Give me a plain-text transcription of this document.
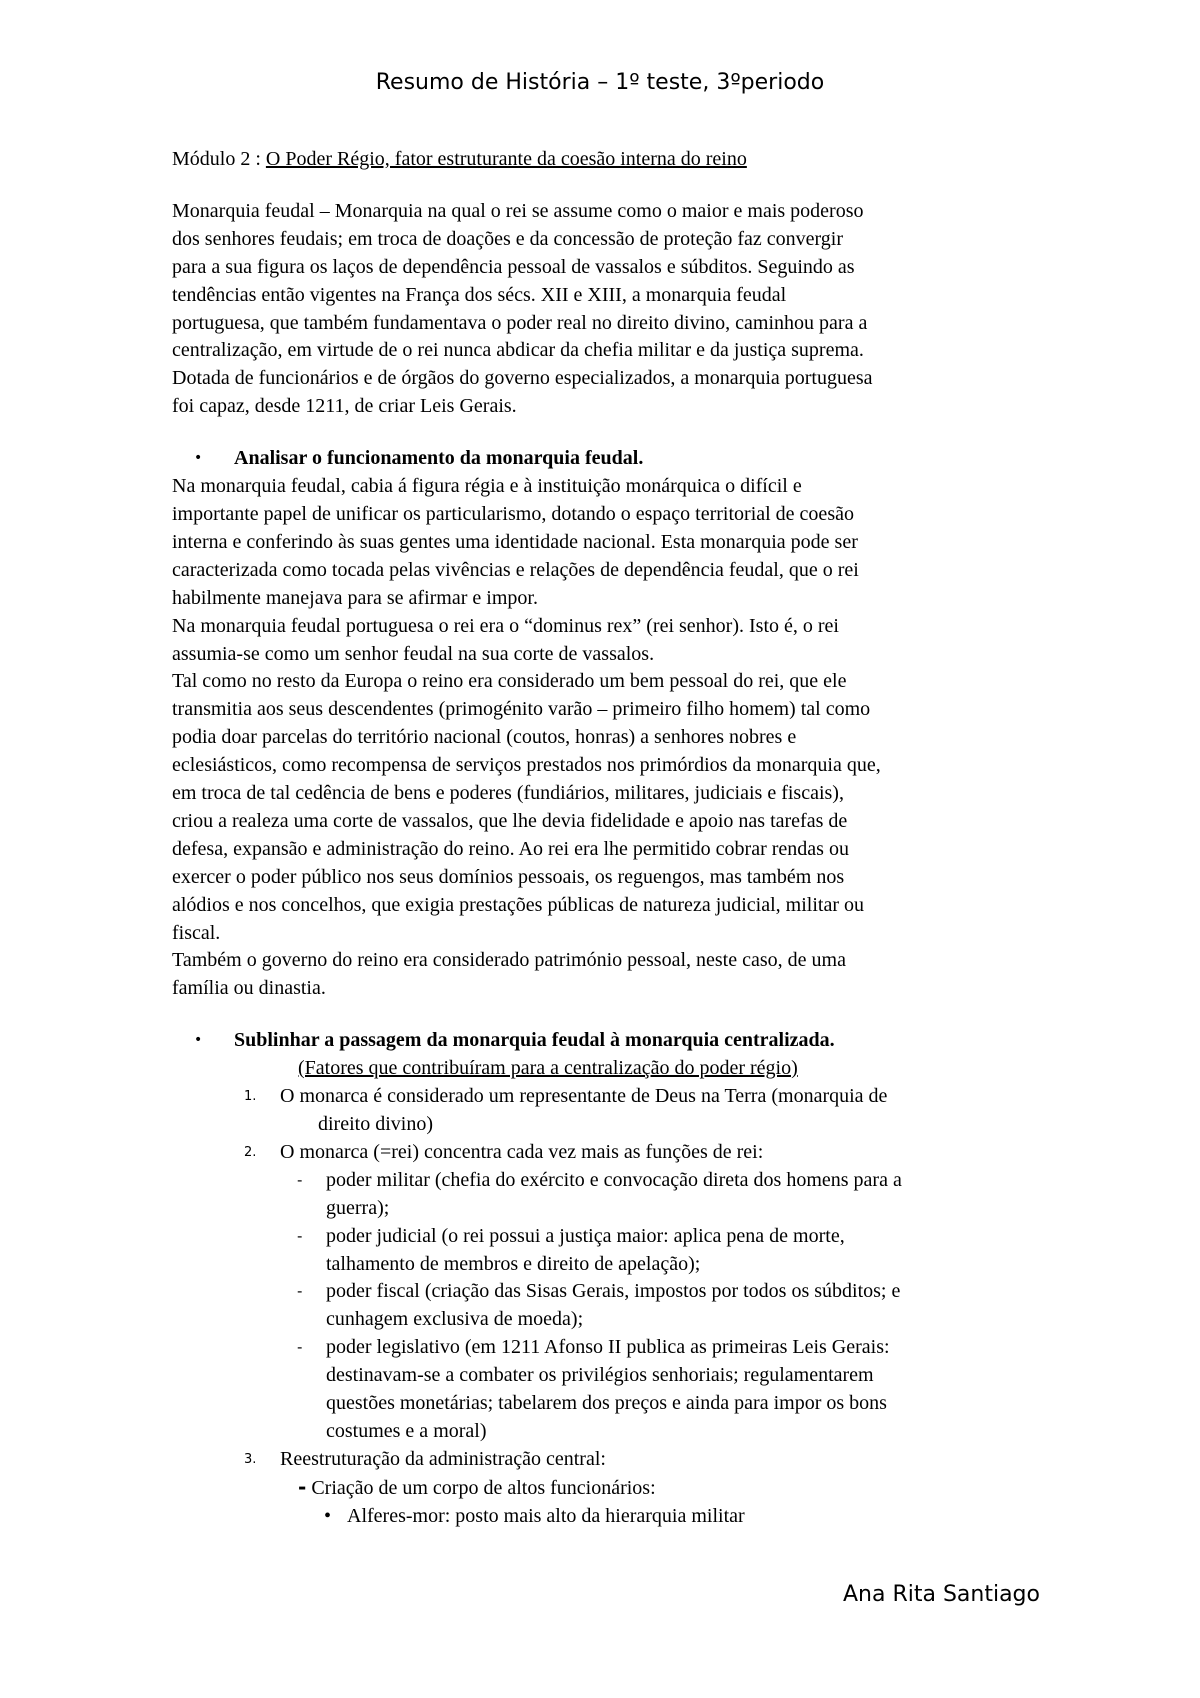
Resumo de História – 1º teste, 3ºperiodo

Módulo 2 : O Poder Régio, fator estruturante da coesão interna do reino

Monarquia feudal – Monarquia na qual o rei se assume como o maior e mais poderoso

dos senhores feudais; em troca de doações e da concessão de proteção faz convergir

para a sua figura os laços de dependência pessoal de vassalos e súbditos. Seguindo as

tendências então vigentes na França dos sécs. XII e XIII, a monarquia feudal

portuguesa, que também fundamentava o poder real no direito divino, caminhou para a

centralização, em virtude de o rei nunca abdicar da chefia militar e da justiça suprema.

Dotada de funcionários e de órgãos do governo especializados, a monarquia portuguesa

foi capaz, desde 1211, de criar Leis Gerais.

• Analisar o funcionamento da monarquia feudal.

Na monarquia feudal, cabia á figura régia e à instituição monárquica o difícil e

importante papel de unificar os particularismo, dotando o espaço territorial de coesão

interna e conferindo às suas gentes uma identidade nacional. Esta monarquia pode ser

caracterizada como tocada pelas vivências e relações de dependência feudal, que o rei

habilmente manejava para se afirmar e impor.

Na monarquia feudal portuguesa o rei era o “dominus rex” (rei senhor). Isto é, o rei

assumia-se como um senhor feudal na sua corte de vassalos.

Tal como no resto da Europa o reino era considerado um bem pessoal do rei, que ele

transmitia aos seus descendentes (primogénito varão – primeiro filho homem) tal como

podia doar parcelas do território nacional (coutos, honras) a senhores nobres e

eclesiásticos, como recompensa de serviços prestados nos primórdios da monarquia que,

em troca de tal cedência de bens e poderes (fundiários, militares, judiciais e fiscais),

criou a realeza uma corte de vassalos, que lhe devia fidelidade e apoio nas tarefas de

defesa, expansão e administração do reino. Ao rei era lhe permitido cobrar rendas ou

exercer o poder público nos seus domínios pessoais, os reguengos, mas também nos

alódios e nos concelhos, que exigia prestações públicas de natureza judicial, militar ou

fiscal.

Também o governo do reino era considerado património pessoal, neste caso, de uma

família ou dinastia.

• Sublinhar a passagem da monarquia feudal à monarquia centralizada.

(Fatores que contribuíram para a centralização do poder régio)

1. O monarca é considerado um representante de Deus na Terra (monarquia de
direito divino)
2. O monarca (=rei) concentra cada vez mais as funções de rei:
- poder militar (chefia do exército e convocação direta dos homens para a

guerra);

- poder judicial (o rei possui a justiça maior: aplica pena de morte,

talhamento de membros e direito de apelação);

- poder fiscal (criação das Sisas Gerais, impostos por todos os súbditos; e

cunhagem exclusiva de moeda);

- poder legislativo (em 1211 Afonso II publica as primeiras Leis Gerais:

destinavam-se a combater os privilégios senhoriais; regulamentarem

questões monetárias; tabelarem dos preços e ainda para impor os bons

costumes e a moral)

3. Reestruturação da administração central:

- Criação de um corpo de altos funcionários:

• Alferes-mor: posto mais alto da hierarquia militar
Ana Rita Santiago
